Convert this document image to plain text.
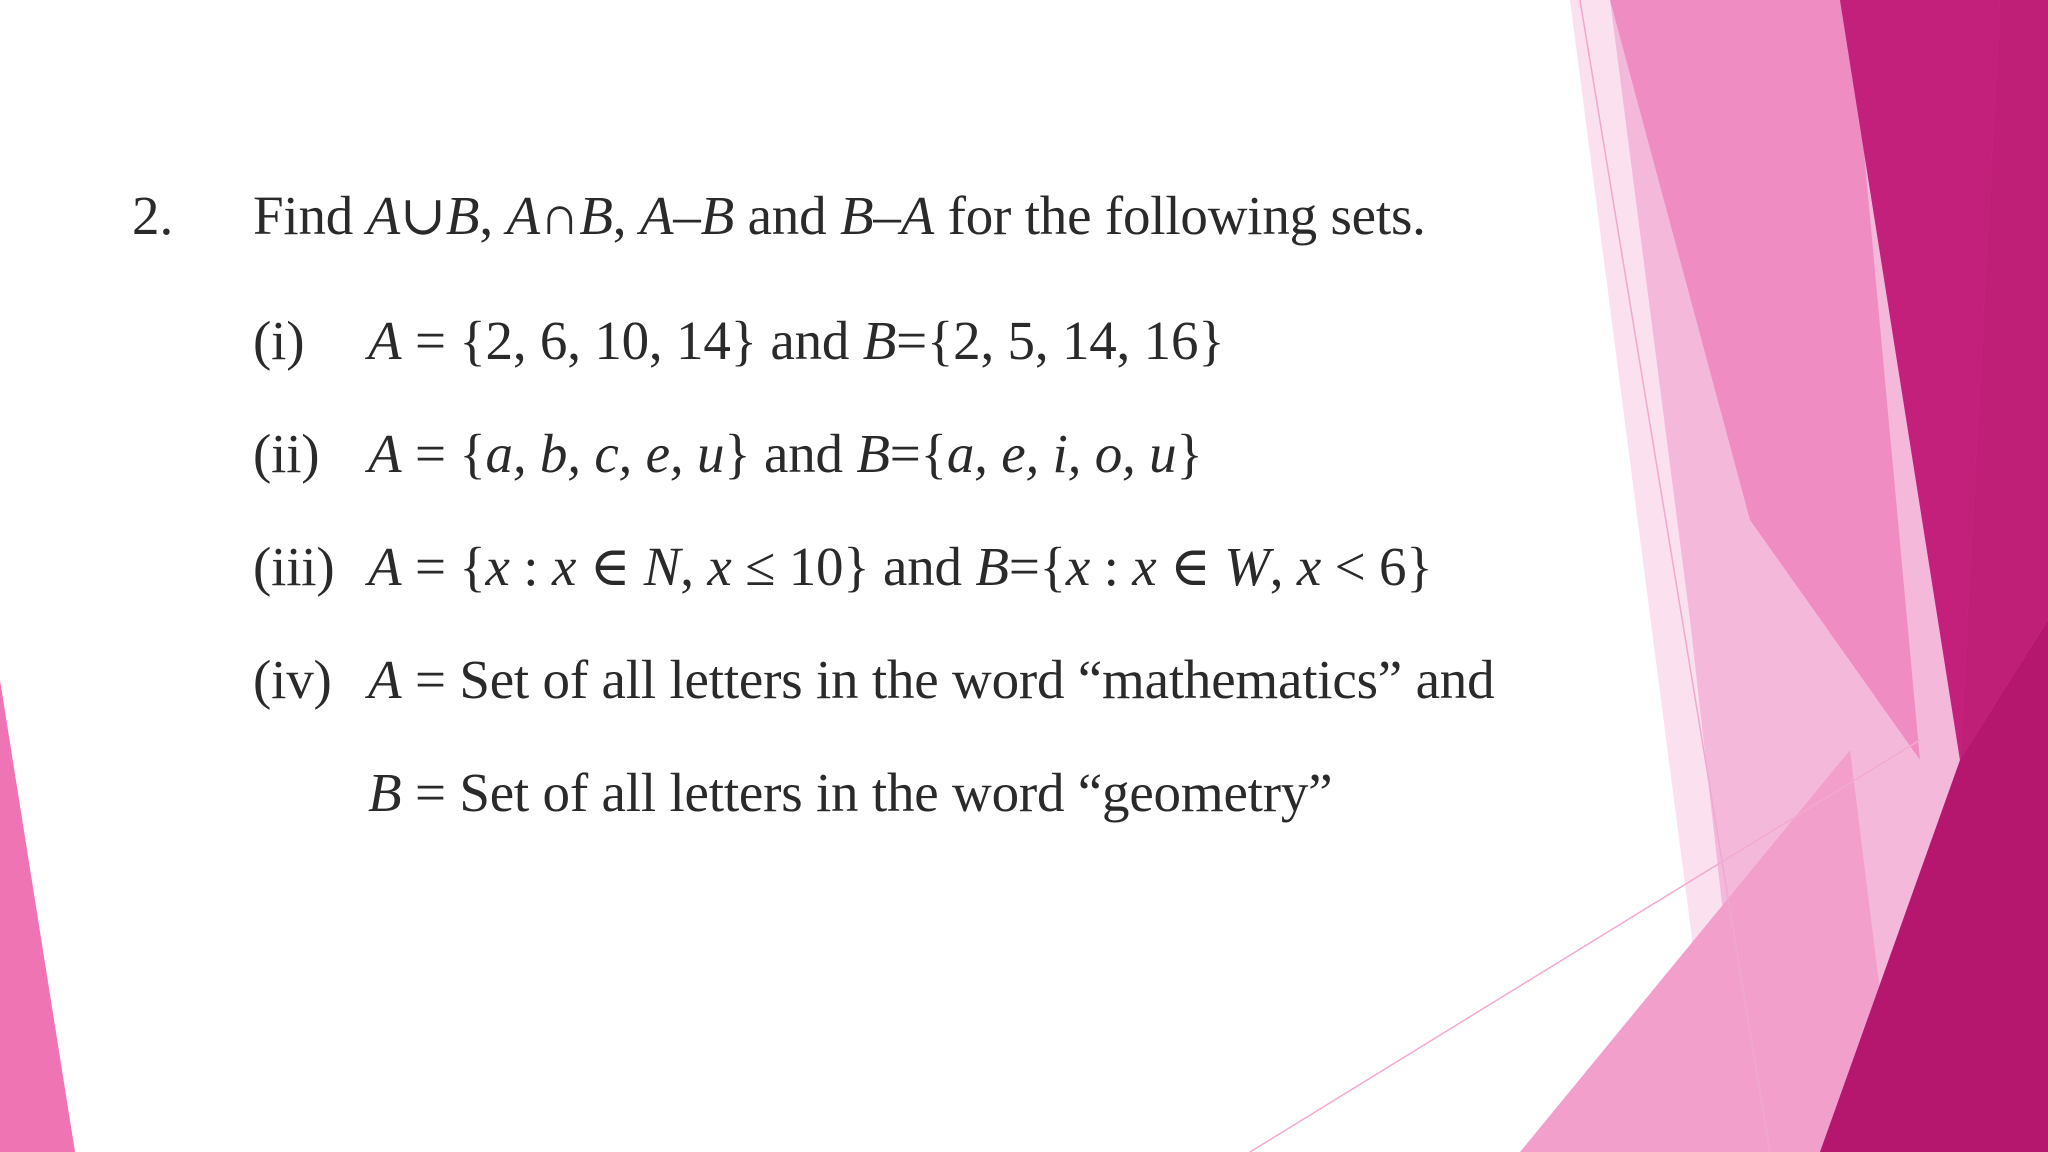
2. Find A∪B, A∩B, A–B and B–A for the following sets.
(i) A = {2, 6, 10, 14} and B={2, 5, 14, 16}
(ii) A = {a, b, c, e, u} and B={a, e, i, o, u}
(iii) A = {x : x ∈ N, x ≤ 10} and B={x : x ∈ W, x < 6}
(iv) A = Set of all letters in the word “mathematics” and
B = Set of all letters in the word “geometry”
